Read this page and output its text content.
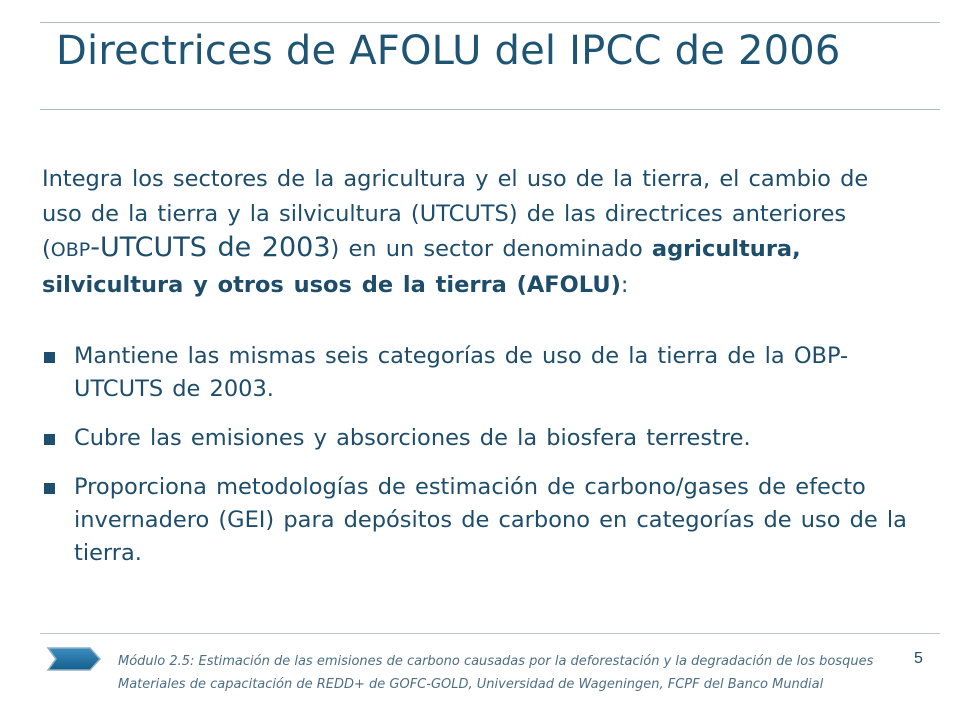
Directrices de AFOLU del IPCC de 2006

Integra los sectores de la agricultura y el uso de la tierra, el cambio de uso de la tierra y la silvicultura (UTCUTS) de las directrices anteriores (OBP-UTCUTS de 2003) en un sector denominado agricultura, silvicultura y otros usos de la tierra (AFOLU):

Mantiene las mismas seis categorías de uso de la tierra de la OBP-UTCUTS de 2003.
Cubre las emisiones y absorciones de la biosfera terrestre.
Proporciona metodologías de estimación de carbono/gases de efecto invernadero (GEI) para depósitos de carbono en categorías de uso de la tierra.
Módulo 2.5: Estimación de las emisiones de carbono causadas por la deforestación y la degradación de los bosques	5
Materiales de capacitación de REDD+ de GOFC-GOLD, Universidad de Wageningen, FCPF del Banco Mundial
